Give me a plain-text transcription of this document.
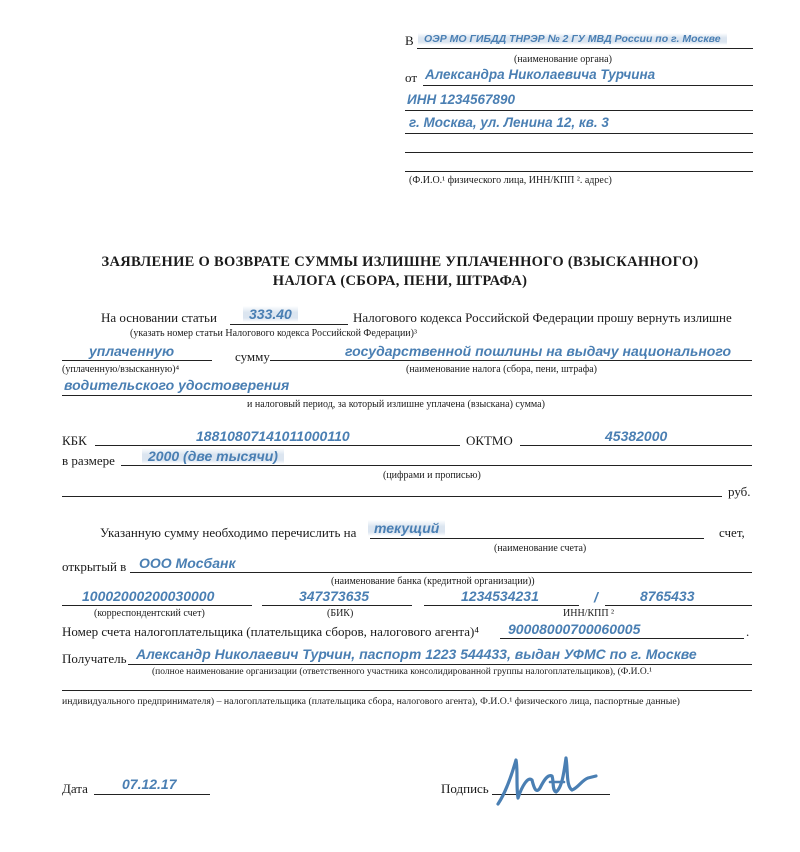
В ОЭР МО ГИБДД ТНРЭР № 2 ГУ МВД России по г. Москве
(наименование органа)
от Александра Николаевича Турчина
ИНН 1234567890
г. Москва, ул. Ленина 12, кв. 3
(Ф.И.О.¹ физического лица, ИНН/КПП ². адрес)
ЗАЯВЛЕНИЕ О ВОЗВРАТЕ СУММЫ ИЗЛИШНЕ УПЛАЧЕННОГО (ВЗЫСКАННОГО)
НАЛОГА (СБОРА, ПЕНИ, ШТРАФА)
На основании статьи	333.40	Налогового кодекса Российской Федерации прошу вернуть излишне
(указать номер статьи Налогового кодекса Российской Федерации)³
уплаченную	сумму	государственной пошлины на выдачу национального
(уплаченную/взысканную)⁴	(наименование налога (сбора, пени, штрафа)
водительского удостоверения
и налоговый период, за который излишне уплачена (взыскана) сумма)
КБК	18810807141011000110	ОКТМО	45382000
в размере	2000 (две тысячи)
(цифрами и прописью)
руб.
Указанную сумму необходимо перечислить на	текущий	счет,
(наименование счета)
открытый в ООО Мосбанк
(наименование банка (кредитной организации))
10002000200030000	347373635	1234534231	/	8765433
(корреспондентский счет)	(БИК)	ИНН/КПП ²
Номер счета налогоплательщика (плательщика сборов, налогового агента)⁴ 90008000700060005	.
Получатель Александр Николаевич Турчин, паспорт 1223 544433, выдан УФМС по г. Москве
(полное наименование организации (ответственного участника консолидированной группы налогоплательщиков), (Ф.И.О.¹
индивидуального предпринимателя) – налогоплательщика (плательщика сбора, налогового агента), Ф.И.О.¹ физического лица, паспортные данные)
Дата 07.12.17	Подпись
